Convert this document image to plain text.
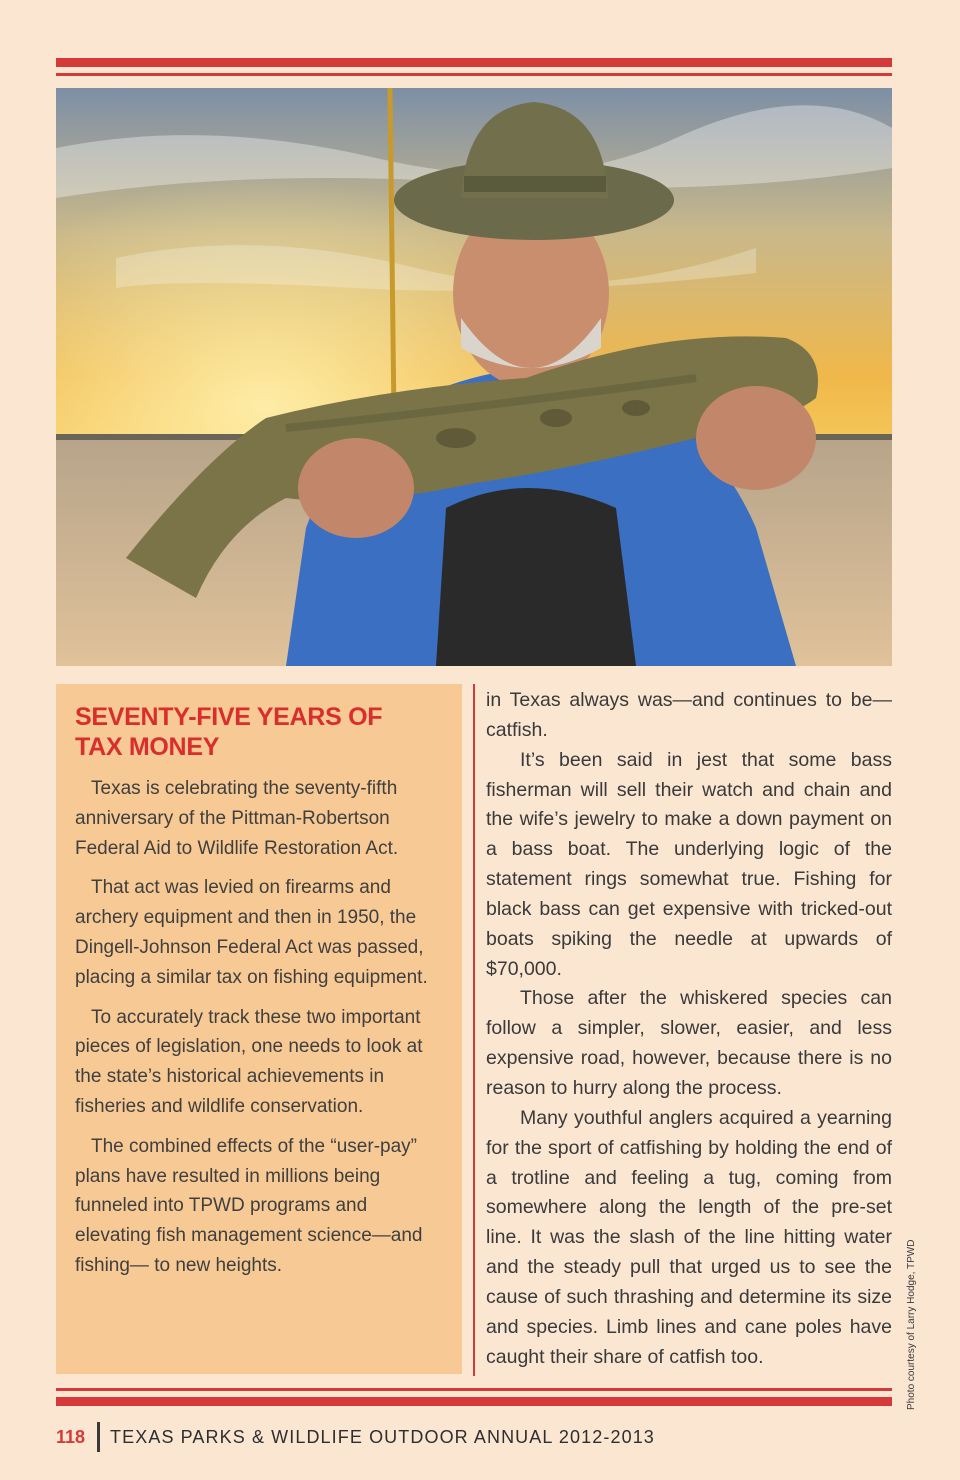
SEVENTY-FIVE YEARS OF TAX MONEY

Texas is celebrating the seventy-fifth anniversary of the Pittman-Robertson Federal Aid to Wildlife Restoration Act.

That act was levied on firearms and archery equipment and then in 1950, the Dingell-Johnson Federal Act was passed, placing a similar tax on fishing equipment.

To accurately track these two important pieces of legislation, one needs to look at the state’s historical achievements in fisheries and wildlife conservation.

The combined effects of the “user-pay” plans have resulted in millions being funneled into TPWD programs and elevating fish management science—and fishing— to new heights.

in Texas always was—and continues to be—catfish.

It’s been said in jest that some bass fisherman will sell their watch and chain and the wife’s jewelry to make a down payment on a bass boat. The underlying logic of the statement rings somewhat true. Fishing for black bass can get expensive with tricked-out boats spiking the needle at upwards of $70,000.

Those after the whiskered species can follow a simpler, slower, easier, and less expensive road, however, because there is no reason to hurry along the process.

Many youthful anglers acquired a yearning for the sport of catfishing by holding the end of a trotline and feeling a tug, coming from somewhere along the length of the pre-set line. It was the slash of the line hitting water and the steady pull that urged us to see the cause of such thrashing and determine its size and species. Limb lines and cane poles have caught their share of catfish too.	Photo courtesy of Larry Hodge, TPWD
118 TEXAS PARKS & WILDLIFE OUTDOOR ANNUAL 2012-2013
